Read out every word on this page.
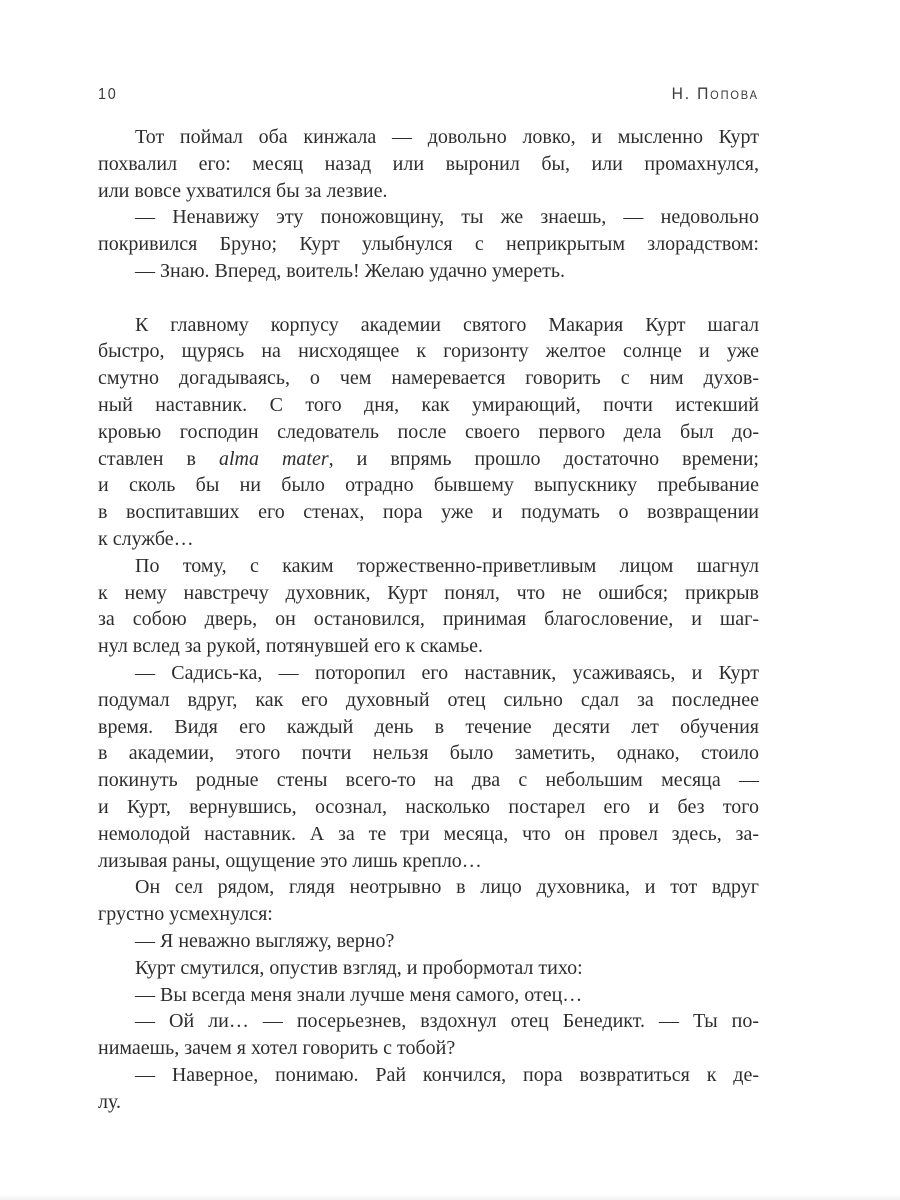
10	Н. Попова
Тот поймал оба кинжала — довольно ловко, и мысленно Курт
похвалил его: месяц назад или выронил бы, или промахнулся,
или вовсе ухватился бы за лезвие.
— Ненавижу эту поножовщину, ты же знаешь, — недовольно
покривился Бруно; Курт улыбнулся с неприкрытым злорадством:
— Знаю. Вперед, воитель! Желаю удачно умереть.
К главному корпусу академии святого Макария Курт шагал
быстро, щурясь на нисходящее к горизонту желтое солнце и уже
смутно догадываясь, о чем намеревается говорить с ним духов-
ный наставник. С того дня, как умирающий, почти истекший
кровью господин следователь после своего первого дела был до-
ставлен в alma mater, и впрямь прошло достаточно времени;
и сколь бы ни было отрадно бывшему выпускнику пребывание
в воспитавших его стенах, пора уже и подумать о возвращении
к службе…
По тому, с каким торжественно-приветливым лицом шагнул
к нему навстречу духовник, Курт понял, что не ошибся; прикрыв
за собою дверь, он остановился, принимая благословение, и шаг-
нул вслед за рукой, потянувшей его к скамье.
— Садись-ка, — поторопил его наставник, усаживаясь, и Курт
подумал вдруг, как его духовный отец сильно сдал за последнее
время. Видя его каждый день в течение десяти лет обучения
в академии, этого почти нельзя было заметить, однако, стоило
покинуть родные стены всего-то на два с небольшим месяца —
и Курт, вернувшись, осознал, насколько постарел его и без того
немолодой наставник. А за те три месяца, что он провел здесь, за-
лизывая раны, ощущение это лишь крепло…
Он сел рядом, глядя неотрывно в лицо духовника, и тот вдруг
грустно усмехнулся:
— Я неважно выгляжу, верно?
Курт смутился, опустив взгляд, и пробормотал тихо:
— Вы всегда меня знали лучше меня самого, отец…
— Ой ли… — посерьезнев, вздохнул отец Бенедикт. — Ты по-
нимаешь, зачем я хотел говорить с тобой?
— Наверное, понимаю. Рай кончился, пора возвратиться к де-
лу.
